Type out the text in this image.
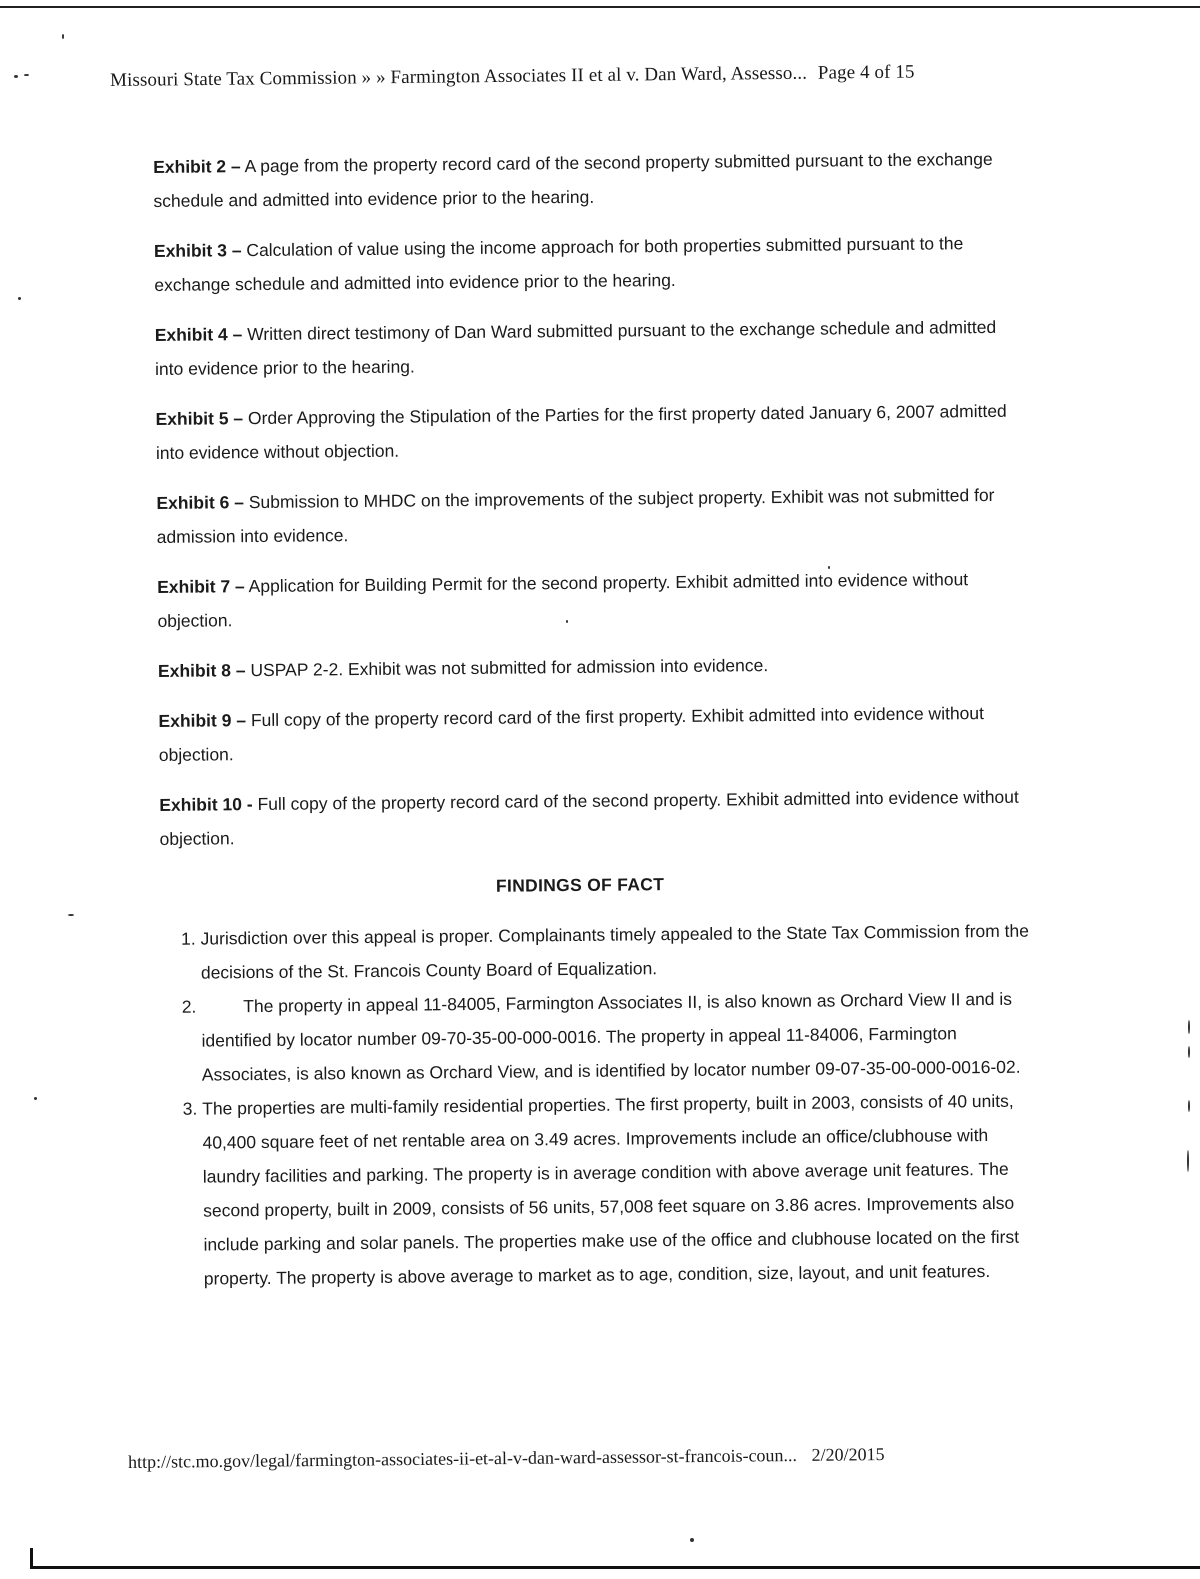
Missouri State Tax Commission » » Farmington Associates II et al v. Dan Ward, Assesso... Page 4 of 15
Exhibit 2 – A page from the property record card of the second property submitted pursuant to the exchange schedule and admitted into evidence prior to the hearing.
Exhibit 3 – Calculation of value using the income approach for both properties submitted pursuant to the exchange schedule and admitted into evidence prior to the hearing.
Exhibit 4 – Written direct testimony of Dan Ward submitted pursuant to the exchange schedule and admitted into evidence prior to the hearing.
Exhibit 5 – Order Approving the Stipulation of the Parties for the first property dated January 6, 2007 admitted into evidence without objection.
Exhibit 6 – Submission to MHDC on the improvements of the subject property. Exhibit was not submitted for admission into evidence.
Exhibit 7 – Application for Building Permit for the second property. Exhibit admitted into evidence without objection.
Exhibit 8 – USPAP 2-2. Exhibit was not submitted for admission into evidence.
Exhibit 9 – Full copy of the property record card of the first property. Exhibit admitted into evidence without objection.
Exhibit 10 - Full copy of the property record card of the second property. Exhibit admitted into evidence without objection.
FINDINGS OF FACT
1. Jurisdiction over this appeal is proper. Complainants timely appealed to the State Tax Commission from the decisions of the St. Francois County Board of Equalization.
2. The property in appeal 11-84005, Farmington Associates II, is also known as Orchard View II and is identified by locator number 09-70-35-00-000-0016. The property in appeal 11-84006, Farmington Associates, is also known as Orchard View, and is identified by locator number 09-07-35-00-000-0016-02.
3. The properties are multi-family residential properties. The first property, built in 2003, consists of 40 units, 40,400 square feet of net rentable area on 3.49 acres. Improvements include an office/clubhouse with laundry facilities and parking. The property is in average condition with above average unit features. The second property, built in 2009, consists of 56 units, 57,008 feet square on 3.86 acres. Improvements also include parking and solar panels. The properties make use of the office and clubhouse located on the first property. The property is above average to market as to age, condition, size, layout, and unit features.
http://stc.mo.gov/legal/farmington-associates-ii-et-al-v-dan-ward-assessor-st-francois-coun... 2/20/2015
